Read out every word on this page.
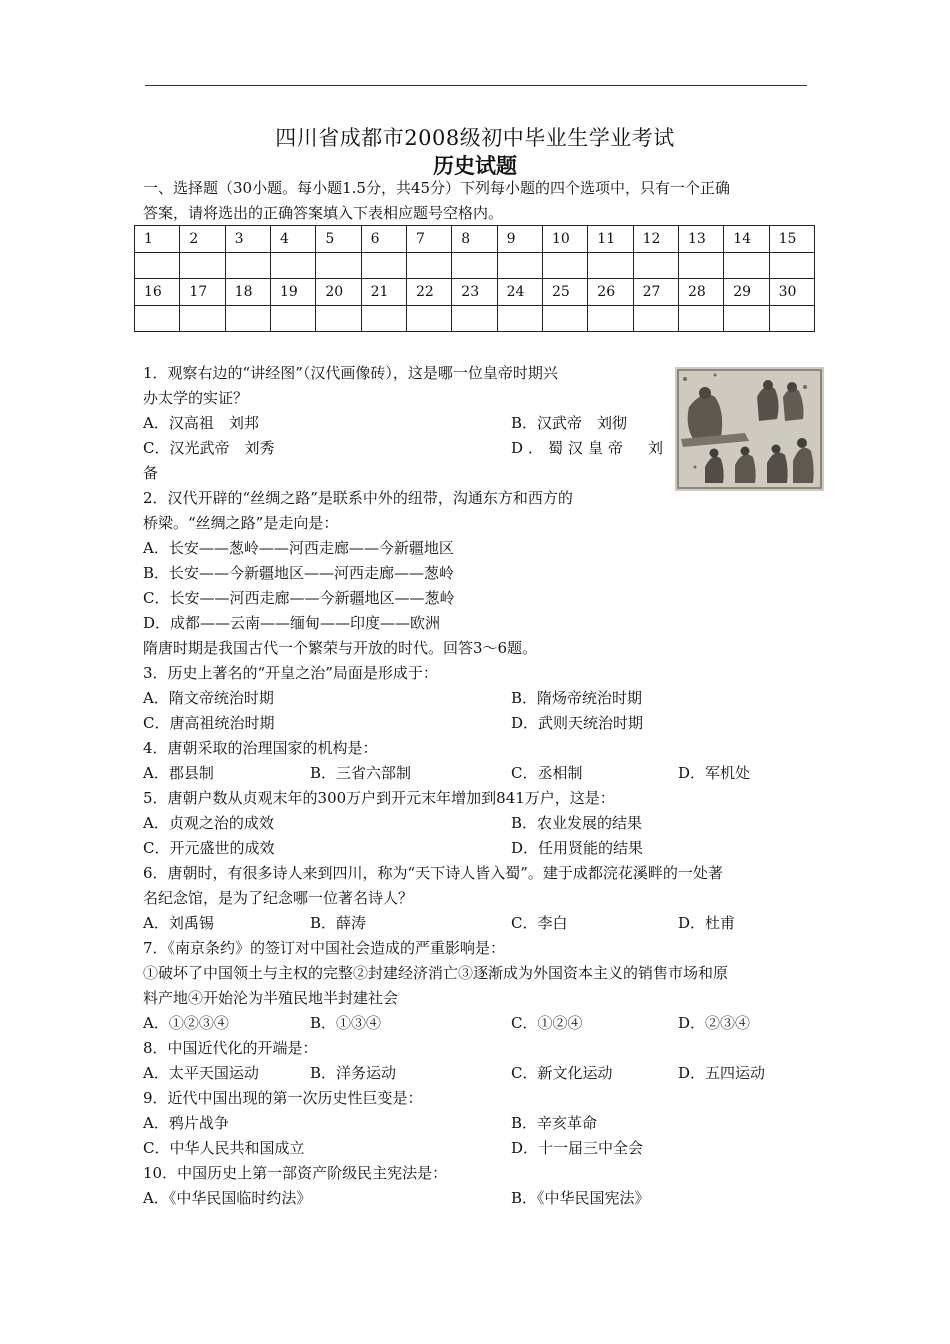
四川省成都市2008级初中毕业生学业考试
历史试题
一、选择题（30小题。每小题1.5分，共45分）下列每小题的四个选项中，只有一个正确
答案，请将选出的正确答案填入下表相应题号空格内。
1	2	3	4	5	6	7	8	9	10	11	12	13	14	15

16	17	18	19	20	21	22	23	24	25	26	27	28	29	30

1．观察右边的“讲经图”（汉代画像砖），这是哪一位皇帝时期兴
办太学的实证？
A．汉高祖　刘邦	B．汉武帝　刘彻
C．汉光武帝　刘秀	D．蜀汉皇帝　刘
备
2．汉代开辟的“丝绸之路”是联系中外的纽带，沟通东方和西方的
桥梁。“丝绸之路”是走向是：
A．长安——葱岭——河西走廊——今新疆地区
B．长安——今新疆地区——河西走廊——葱岭
C．长安——河西走廊——今新疆地区——葱岭
D．成都——云南——缅甸——印度——欧洲
隋唐时期是我国古代一个繁荣与开放的时代。回答3～6题。
3．历史上著名的“开皇之治”局面是形成于：
A．隋文帝统治时期	B．隋炀帝统治时期
C．唐高祖统治时期	D．武则天统治时期
4．唐朝采取的治理国家的机构是：
A．郡县制	B．三省六部制	C．丞相制	D．军机处
5．唐朝户数从贞观末年的300万户到开元末年增加到841万户，这是：
A．贞观之治的成效	B．农业发展的结果
C．开元盛世的成效	D．任用贤能的结果
6．唐朝时，有很多诗人来到四川，称为“天下诗人皆入蜀”。建于成都浣花溪畔的一处著
名纪念馆，是为了纪念哪一位著名诗人？
A．刘禹锡	B．薛涛	C．李白	D．杜甫
7．《南京条约》的签订对中国社会造成的严重影响是：
①破坏了中国领土与主权的完整②封建经济消亡③逐渐成为外国资本主义的销售市场和原
料产地④开始沦为半殖民地半封建社会
A．①②③④	B．①③④	C．①②④	D．②③④
8．中国近代化的开端是：
A．太平天国运动	B．洋务运动	C．新文化运动	D．五四运动
9．近代中国出现的第一次历史性巨变是：
A．鸦片战争	B．辛亥革命
C．中华人民共和国成立	D．十一届三中全会
10．中国历史上第一部资产阶级民主宪法是：
A．《中华民国临时约法》	B．《中华民国宪法》
